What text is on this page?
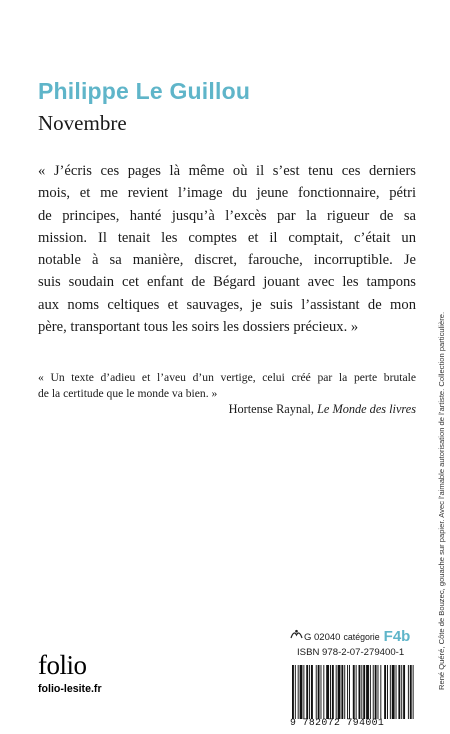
Philippe Le Guillou
Novembre
« J’écris ces pages là même où il s’est tenu ces derniers
mois, et me revient l’image du jeune fonctionnaire, pétri
de principes, hanté jusqu’à l’excès par la rigueur de sa
mission. Il tenait les comptes et il comptait, c’était un
notable à sa manière, discret, farouche, incorruptible. Je
suis soudain cet enfant de Bégard jouant avec les tampons
aux noms celtiques et sauvages, je suis l’assistant de mon
père, transportant tous les soirs les dossiers précieux. »
« Un texte d’adieu et l’aveu d’un vertige, celui créé par la perte brutale
de la certitude que le monde va bien. »
Hortense Raynal, Le Monde des livres	René Quéré, Côte de Bouzec, gouache sur papier. Avec l’aimable autorisation de l’artiste. Collection particulière.
folio
folio-lesite.fr
G 02040 catégorie F4b
ISBN 978-2-07-279400-1
9 782072 794001
